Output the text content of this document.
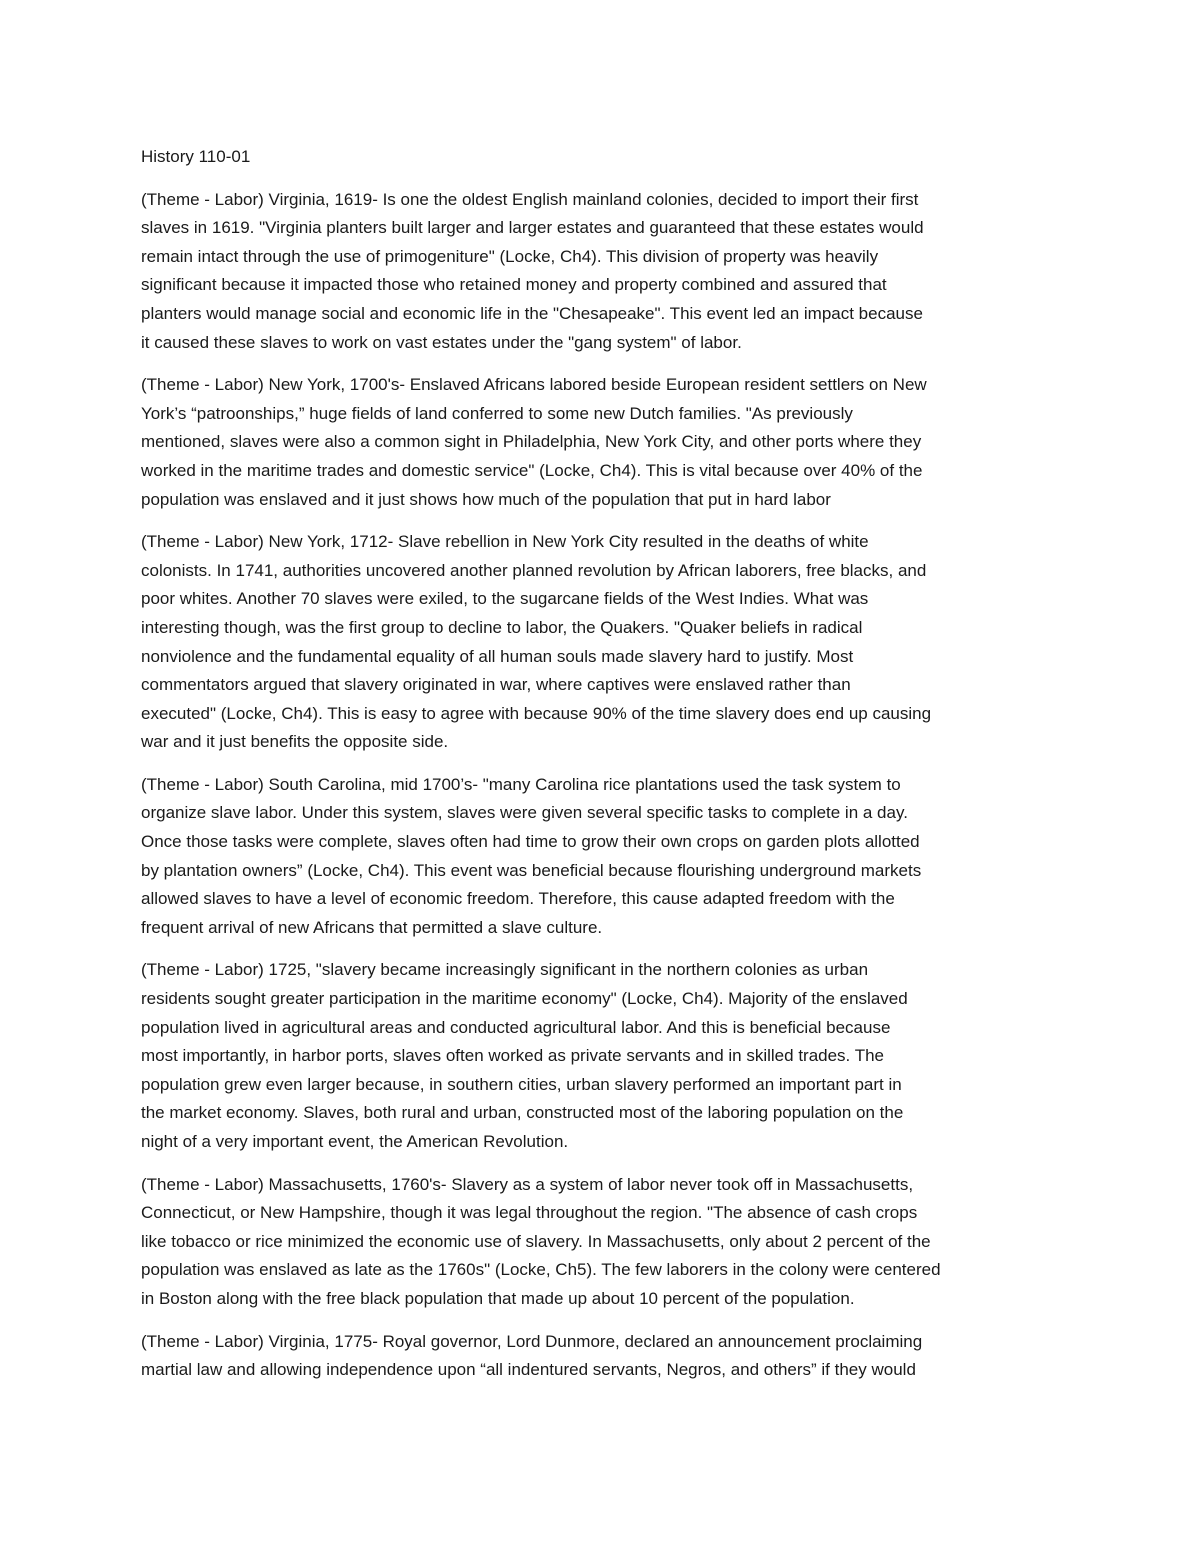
History 110-01

(Theme - Labor) Virginia, 1619- Is one the oldest English mainland colonies, decided to import their first
slaves in 1619. "Virginia planters built larger and larger estates and guaranteed that these estates would
remain intact through the use of primogeniture" (Locke, Ch4). This division of property was heavily
significant because it impacted those who retained money and property combined and assured that
planters would manage social and economic life in the "Chesapeake". This event led an impact because
it caused these slaves to work on vast estates under the "gang system" of labor.

(Theme - Labor) New York, 1700's- Enslaved Africans labored beside European resident settlers on New
York’s “patroonships,” huge fields of land conferred to some new Dutch families. "As previously
mentioned, slaves were also a common sight in Philadelphia, New York City, and other ports where they
worked in the maritime trades and domestic service" (Locke, Ch4). This is vital because over 40% of the
population was enslaved and it just shows how much of the population that put in hard labor

(Theme - Labor) New York, 1712- Slave rebellion in New York City resulted in the deaths of white
colonists. In 1741, authorities uncovered another planned revolution by African laborers, free blacks, and
poor whites. Another 70 slaves were exiled, to the sugarcane fields of the West Indies. What was
interesting though, was the first group to decline to labor, the Quakers. "Quaker beliefs in radical
nonviolence and the fundamental equality of all human souls made slavery hard to justify. Most
commentators argued that slavery originated in war, where captives were enslaved rather than
executed" (Locke, Ch4). This is easy to agree with because 90% of the time slavery does end up causing
war and it just benefits the opposite side.

(Theme - Labor) South Carolina, mid 1700’s- "many Carolina rice plantations used the task system to
organize slave labor. Under this system, slaves were given several specific tasks to complete in a day.
Once those tasks were complete, slaves often had time to grow their own crops on garden plots allotted
by plantation owners” (Locke, Ch4). This event was beneficial because flourishing underground markets
allowed slaves to have a level of economic freedom. Therefore, this cause adapted freedom with the
frequent arrival of new Africans that permitted a slave culture.

(Theme - Labor) 1725, "slavery became increasingly significant in the northern colonies as urban
residents sought greater participation in the maritime economy" (Locke, Ch4). Majority of the enslaved
population lived in agricultural areas and conducted agricultural labor. And this is beneficial because
most importantly, in harbor ports, slaves often worked as private servants and in skilled trades. The
population grew even larger because, in southern cities, urban slavery performed an important part in
the market economy. Slaves, both rural and urban, constructed most of the laboring population on the
night of a very important event, the American Revolution.

(Theme - Labor) Massachusetts, 1760's- Slavery as a system of labor never took off in Massachusetts,
Connecticut, or New Hampshire, though it was legal throughout the region. "The absence of cash crops
like tobacco or rice minimized the economic use of slavery. In Massachusetts, only about 2 percent of the
population was enslaved as late as the 1760s" (Locke, Ch5). The few laborers in the colony were centered
in Boston along with the free black population that made up about 10 percent of the population.

(Theme - Labor) Virginia, 1775- Royal governor, Lord Dunmore, declared an announcement proclaiming
martial law and allowing independence upon “all indentured servants, Negros, and others” if they would
